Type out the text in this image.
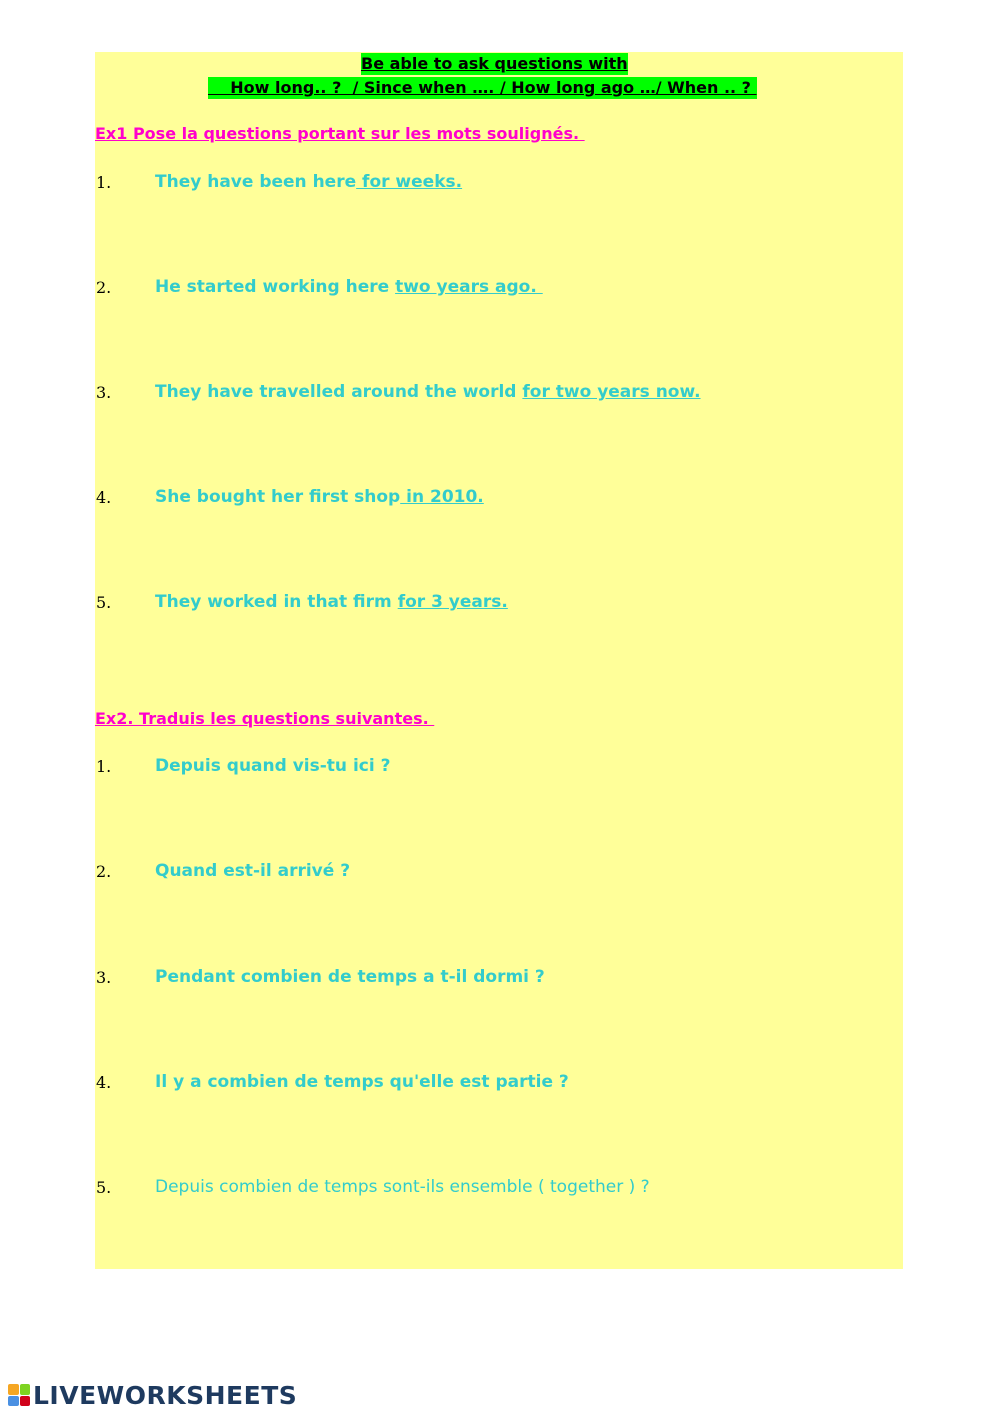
Be able to ask questions with
How long.. ?  / Since when …. / How long ago …/ When .. ?
Ex1 Pose la questions portant sur les mots soulignés.
1.	They have been here for weeks.
2.	He started working here two years ago.
3.	They have travelled around the world for two years now.
4.	She bought her first shop in 2010.
5.	They worked in that firm for 3 years.
Ex2. Traduis les questions suivantes.
1.	Depuis quand vis-tu ici ?
2.	Quand est-il arrivé ?
3.	Pendant combien de temps a t-il dormi ?
4.	Il y a combien de temps qu'elle est partie ?
5.	Depuis combien de temps sont-ils ensemble ( together ) ?
LIVEWORKSHEETS
